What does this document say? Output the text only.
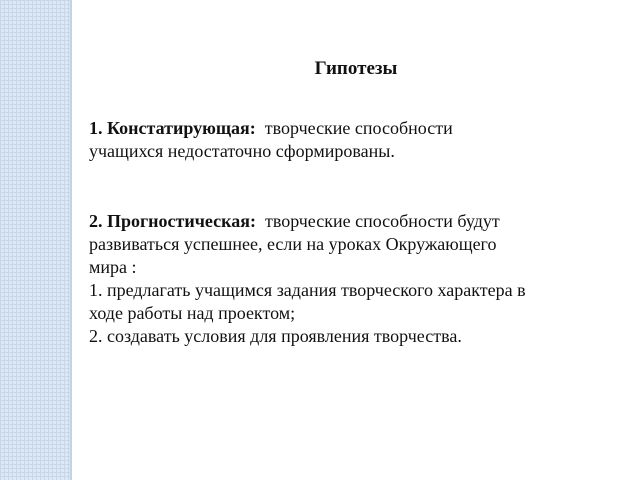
Гипотезы
1. Констатирующая: творческие способности
учащихся недостаточно сформированы.
2. Прогностическая: творческие способности будут
развиваться успешнее, если на уроках Окружающего
мира :
1. предлагать учащимся задания творческого характера в
ходе работы над проектом;
2. создавать условия для проявления творчества.
